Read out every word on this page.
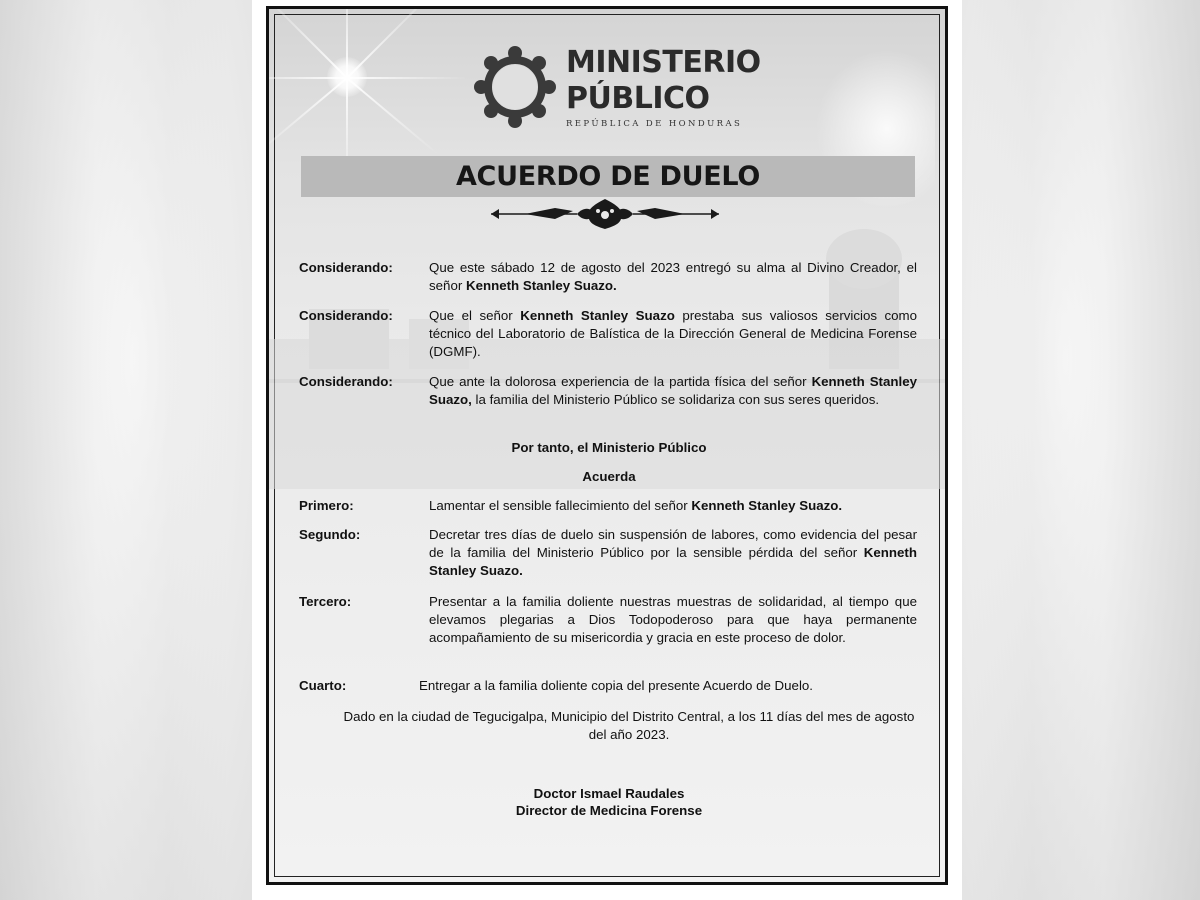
MINISTERIO
PÚBLICO
REPÚBLICA DE HONDURAS
ACUERDO DE DUELO
Considerando:	Que este sábado 12 de agosto del 2023 entregó su alma al Divino Creador, el señor Kenneth Stanley Suazo.
Considerando:	Que el señor Kenneth Stanley Suazo prestaba sus valiosos servicios como técnico del Laboratorio de Balística de la Dirección General de Medicina Forense (DGMF).
Considerando:	Que ante la dolorosa experiencia de la partida física del señor Kenneth Stanley Suazo, la familia del Ministerio Público se solidariza con sus seres queridos.
Por tanto, el Ministerio Público
Acuerda
Primero:	Lamentar el sensible fallecimiento del señor Kenneth Stanley Suazo.
Segundo:	Decretar tres días de duelo sin suspensión de labores, como evidencia del pesar de la familia del Ministerio Público por la sensible pérdida del señor Kenneth Stanley Suazo.
Tercero:	Presentar a la familia doliente nuestras muestras de solidaridad, al tiempo que elevamos plegarias a Dios Todopoderoso para que haya permanente acompañamiento de su misericordia y gracia en este proceso de dolor.
Cuarto:	Entregar a la familia doliente copia del presente Acuerdo de Duelo.
Dado en la ciudad de Tegucigalpa, Municipio del Distrito Central, a los 11 días del mes de agosto del año 2023.
Doctor Ismael Raudales
Director de Medicina Forense
